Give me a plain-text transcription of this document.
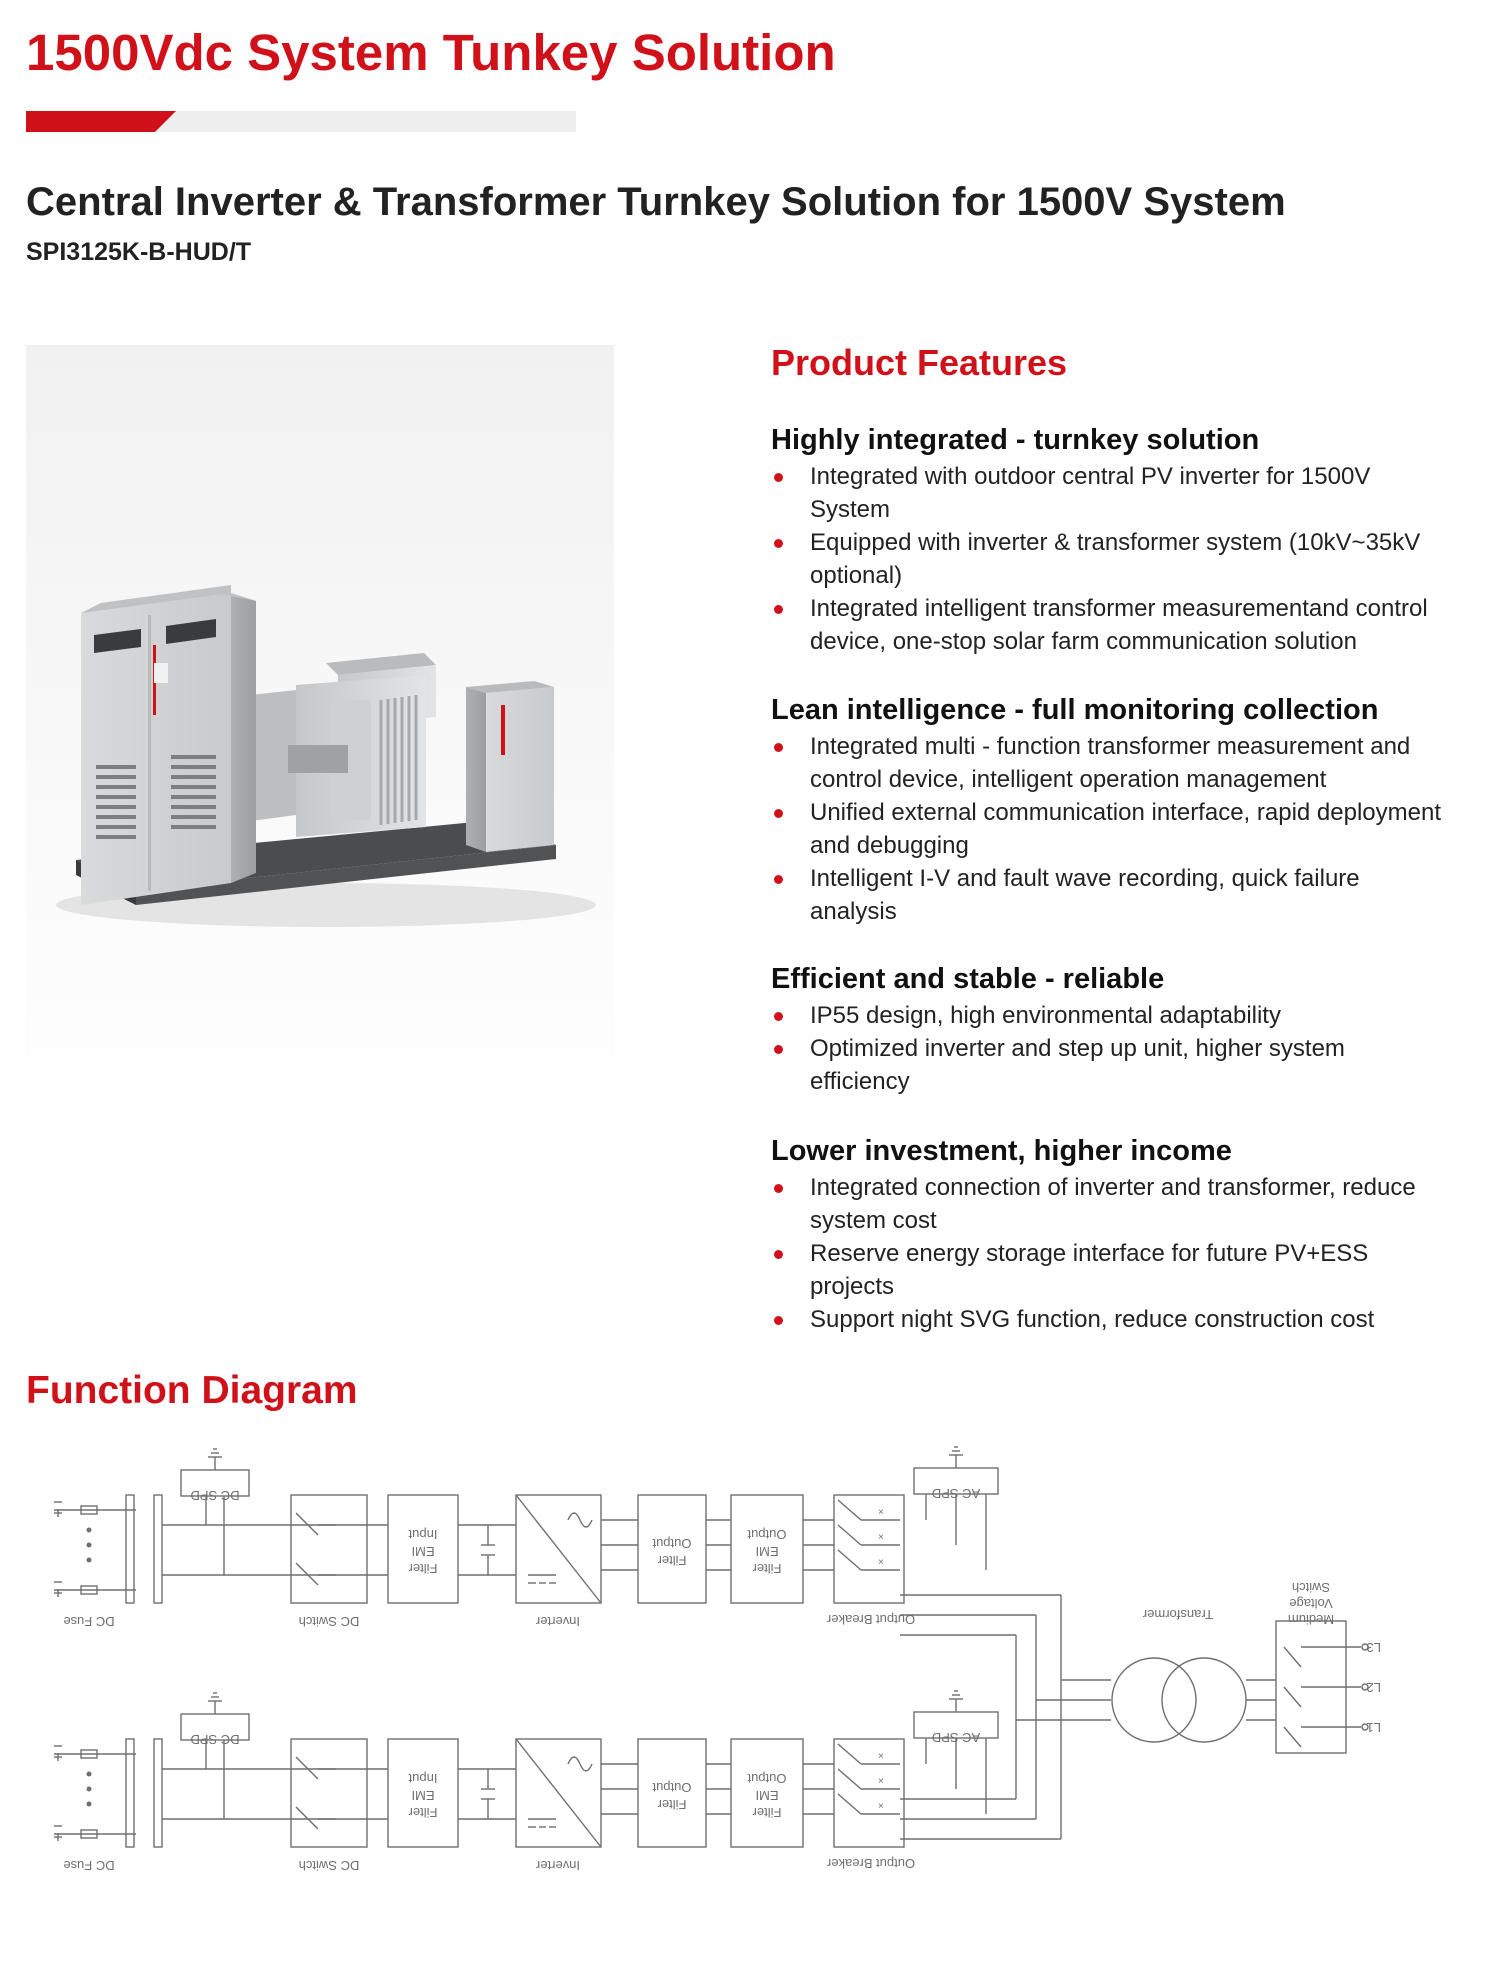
1500Vdc System Tunkey Solution
Central Inverter & Transformer Turnkey Solution for 1500V System
SPI3125K-B-HUD/T
Product Features
Highly integrated - turnkey solution
Integrated with outdoor central PV inverter for 1500V
System
Equipped with inverter & transformer system (10kV~35kV
optional)
Integrated intelligent transformer measurementand control
device, one-stop solar farm communication solution
Lean intelligence - full monitoring collection
Integrated multi - function transformer measurement and
control device, intelligent operation management
Unified external communication interface, rapid deployment
and debugging
Intelligent I-V and fault wave recording, quick failure
analysis
Efficient and stable - reliable
IP55 design, high environmental adaptability
Optimized inverter and step up unit, higher system
efficiency
Lower investment, higher income
Integrated connection of inverter and transformer, reduce
system cost
Reserve energy storage interface for future PV+ESS
projects
Support night SVG function, reduce construction cost
Function Diagram
×
×
×
DC Fuse
DC SPD
DC Switch
Input
EMI
Filter
Inverter
Output
Filter
Output
EMI
Filter
Output Breaker
AC SPD
×
×
×
DC Fuse
DC SPD
DC Switch
Input
EMI
Filter
Inverter
Output
Filter
Output
EMI
Filter
Output Breaker
AC SPD
Transformer	Medium
Voltage
Switch
L3
L2
L1
